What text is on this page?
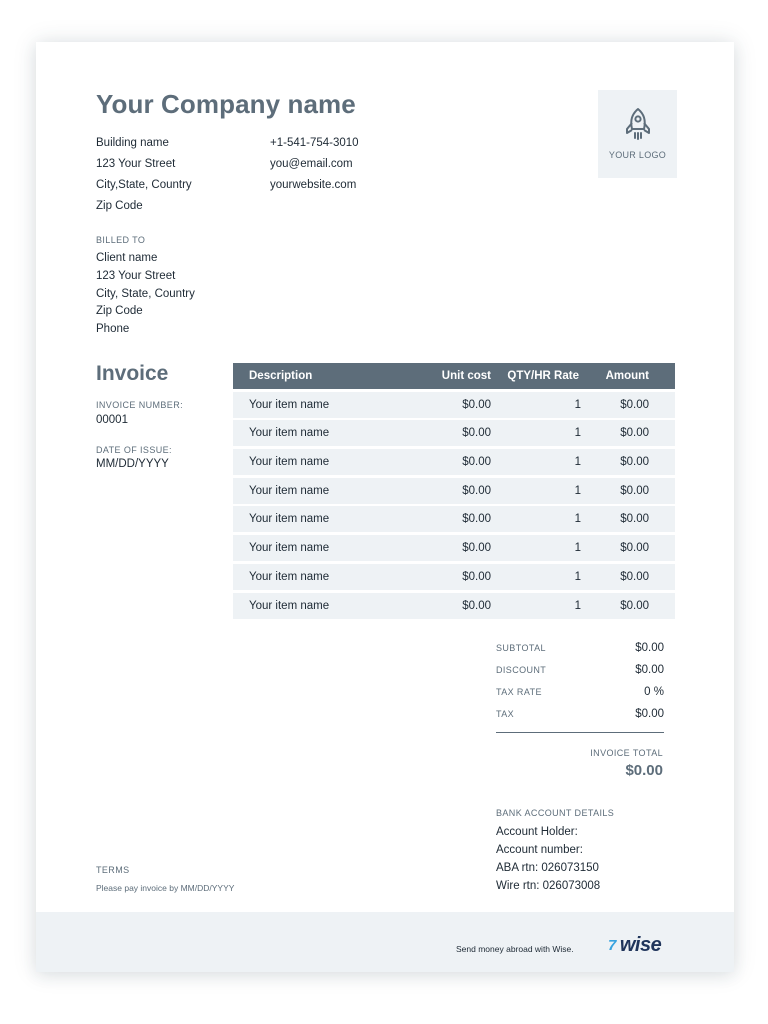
Your Company name
Building name
123 Your Street
City,State, Country
Zip Code
+1-541-754-3010
you@email.com
yourwebsite.com
YOUR LOGO
BILLED TO
Client name
123 Your Street
City, State, Country
Zip Code
Phone
Invoice
INVOICE NUMBER:
00001
DATE OF ISSUE:
MM/DD/YYYY
Description	Unit cost	QTY/HR Rate	Amount
Your item name	$0.00	1	$0.00
Your item name	$0.00	1	$0.00
Your item name	$0.00	1	$0.00
Your item name	$0.00	1	$0.00
Your item name	$0.00	1	$0.00
Your item name	$0.00	1	$0.00
Your item name	$0.00	1	$0.00
Your item name	$0.00	1	$0.00
SUBTOTAL	$0.00
DISCOUNT	$0.00
TAX RATE	0 %
TAX	$0.00
INVOICE TOTAL
$0.00
BANK ACCOUNT DETAILS
Account Holder:
Account number:
ABA rtn: 026073150
Wire rtn: 026073008
TERMS
Please pay invoice by MM/DD/YYYY
Send money abroad with Wise. 7 wise
